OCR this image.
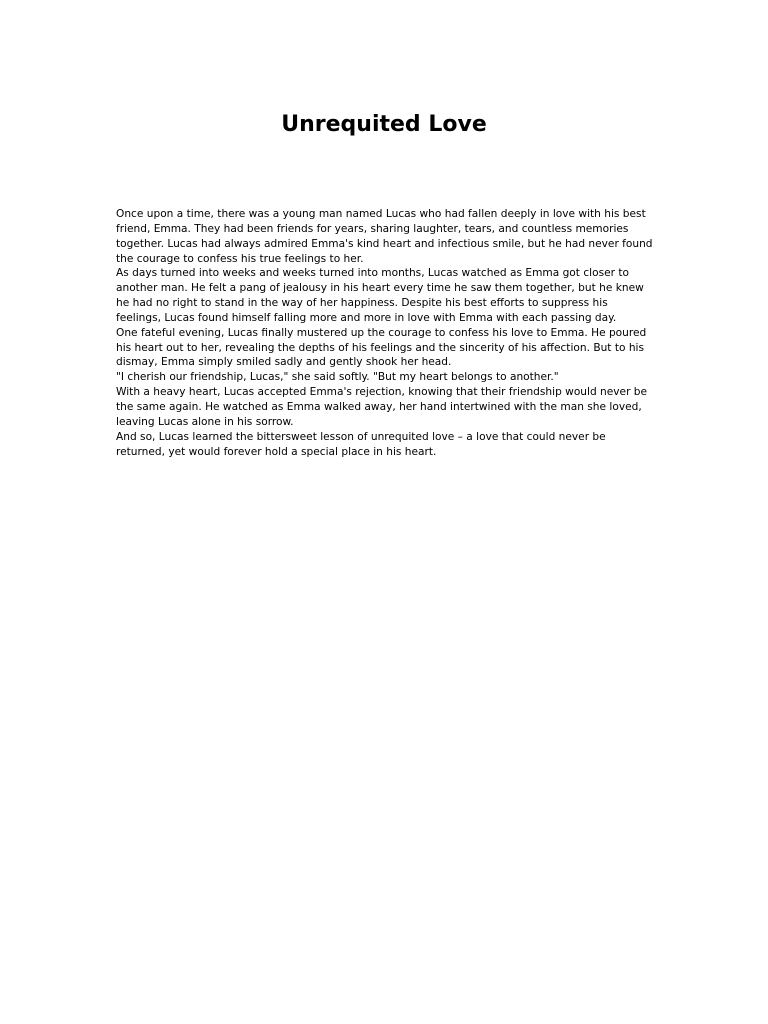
Unrequited Love

Once upon a time, there was a young man named Lucas who had fallen deeply in love with his best friend, Emma. They had been friends for years, sharing laughter, tears, and countless memories together. Lucas had always admired Emma's kind heart and infectious smile, but he had never found the courage to confess his true feelings to her.

As days turned into weeks and weeks turned into months, Lucas watched as Emma got closer to another man. He felt a pang of jealousy in his heart every time he saw them together, but he knew he had no right to stand in the way of her happiness. Despite his best efforts to suppress his feelings, Lucas found himself falling more and more in love with Emma with each passing day.

One fateful evening, Lucas finally mustered up the courage to confess his love to Emma. He poured his heart out to her, revealing the depths of his feelings and the sincerity of his affection. But to his dismay, Emma simply smiled sadly and gently shook her head.

"I cherish our friendship, Lucas," she said softly. "But my heart belongs to another."

With a heavy heart, Lucas accepted Emma's rejection, knowing that their friendship would never be the same again. He watched as Emma walked away, her hand intertwined with the man she loved, leaving Lucas alone in his sorrow.

And so, Lucas learned the bittersweet lesson of unrequited love – a love that could never be returned, yet would forever hold a special place in his heart.
